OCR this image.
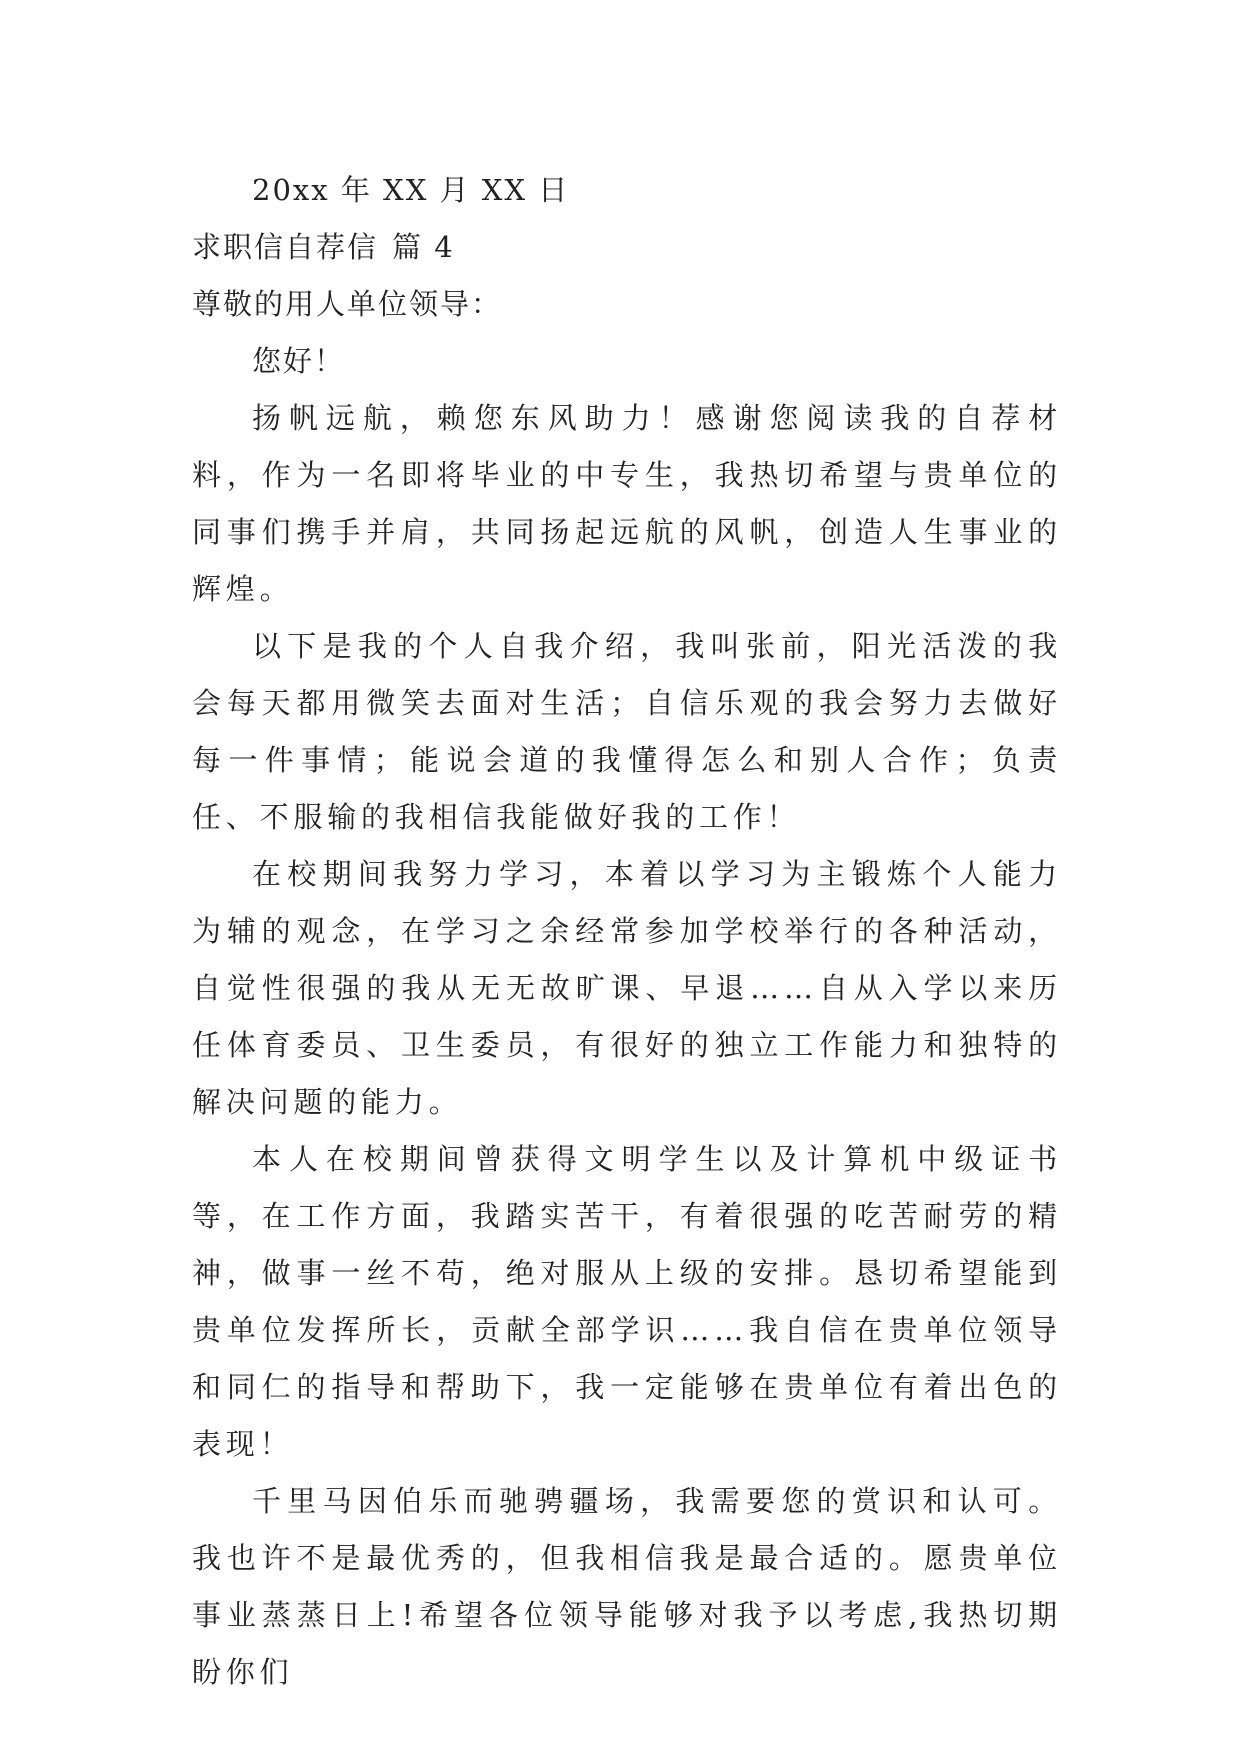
20xx 年 XX 月 XX 日

求职信自荐信 篇 4

尊敬的用人单位领导：

您好！

扬帆远航，赖您东风助力！感谢您阅读我的自荐材料，作为一名即将毕业的中专生，我热切希望与贵单位的同事们携手并肩，共同扬起远航的风帆，创造人生事业的辉煌。

以下是我的个人自我介绍，我叫张前，阳光活泼的我会每天都用微笑去面对生活；自信乐观的我会努力去做好每一件事情；能说会道的我懂得怎么和别人合作；负责任、不服输的我相信我能做好我的工作！

在校期间我努力学习，本着以学习为主锻炼个人能力为辅的观念，在学习之余经常参加学校举行的各种活动，自觉性很强的我从无无故旷课、早退……自从入学以来历任体育委员、卫生委员，有很好的独立工作能力和独特的解决问题的能力。

本人在校期间曾获得文明学生以及计算机中级证书等，在工作方面，我踏实苦干，有着很强的吃苦耐劳的精神，做事一丝不苟，绝对服从上级的安排。恳切希望能到贵单位发挥所长，贡献全部学识……我自信在贵单位领导和同仁的指导和帮助下，我一定能够在贵单位有着出色的表现！

千里马因伯乐而驰骋疆场，我需要您的赏识和认可。我也许不是最优秀的，但我相信我是最合适的。愿贵单位事业蒸蒸日上!希望各位领导能够对我予以考虑,我热切期盼你们
